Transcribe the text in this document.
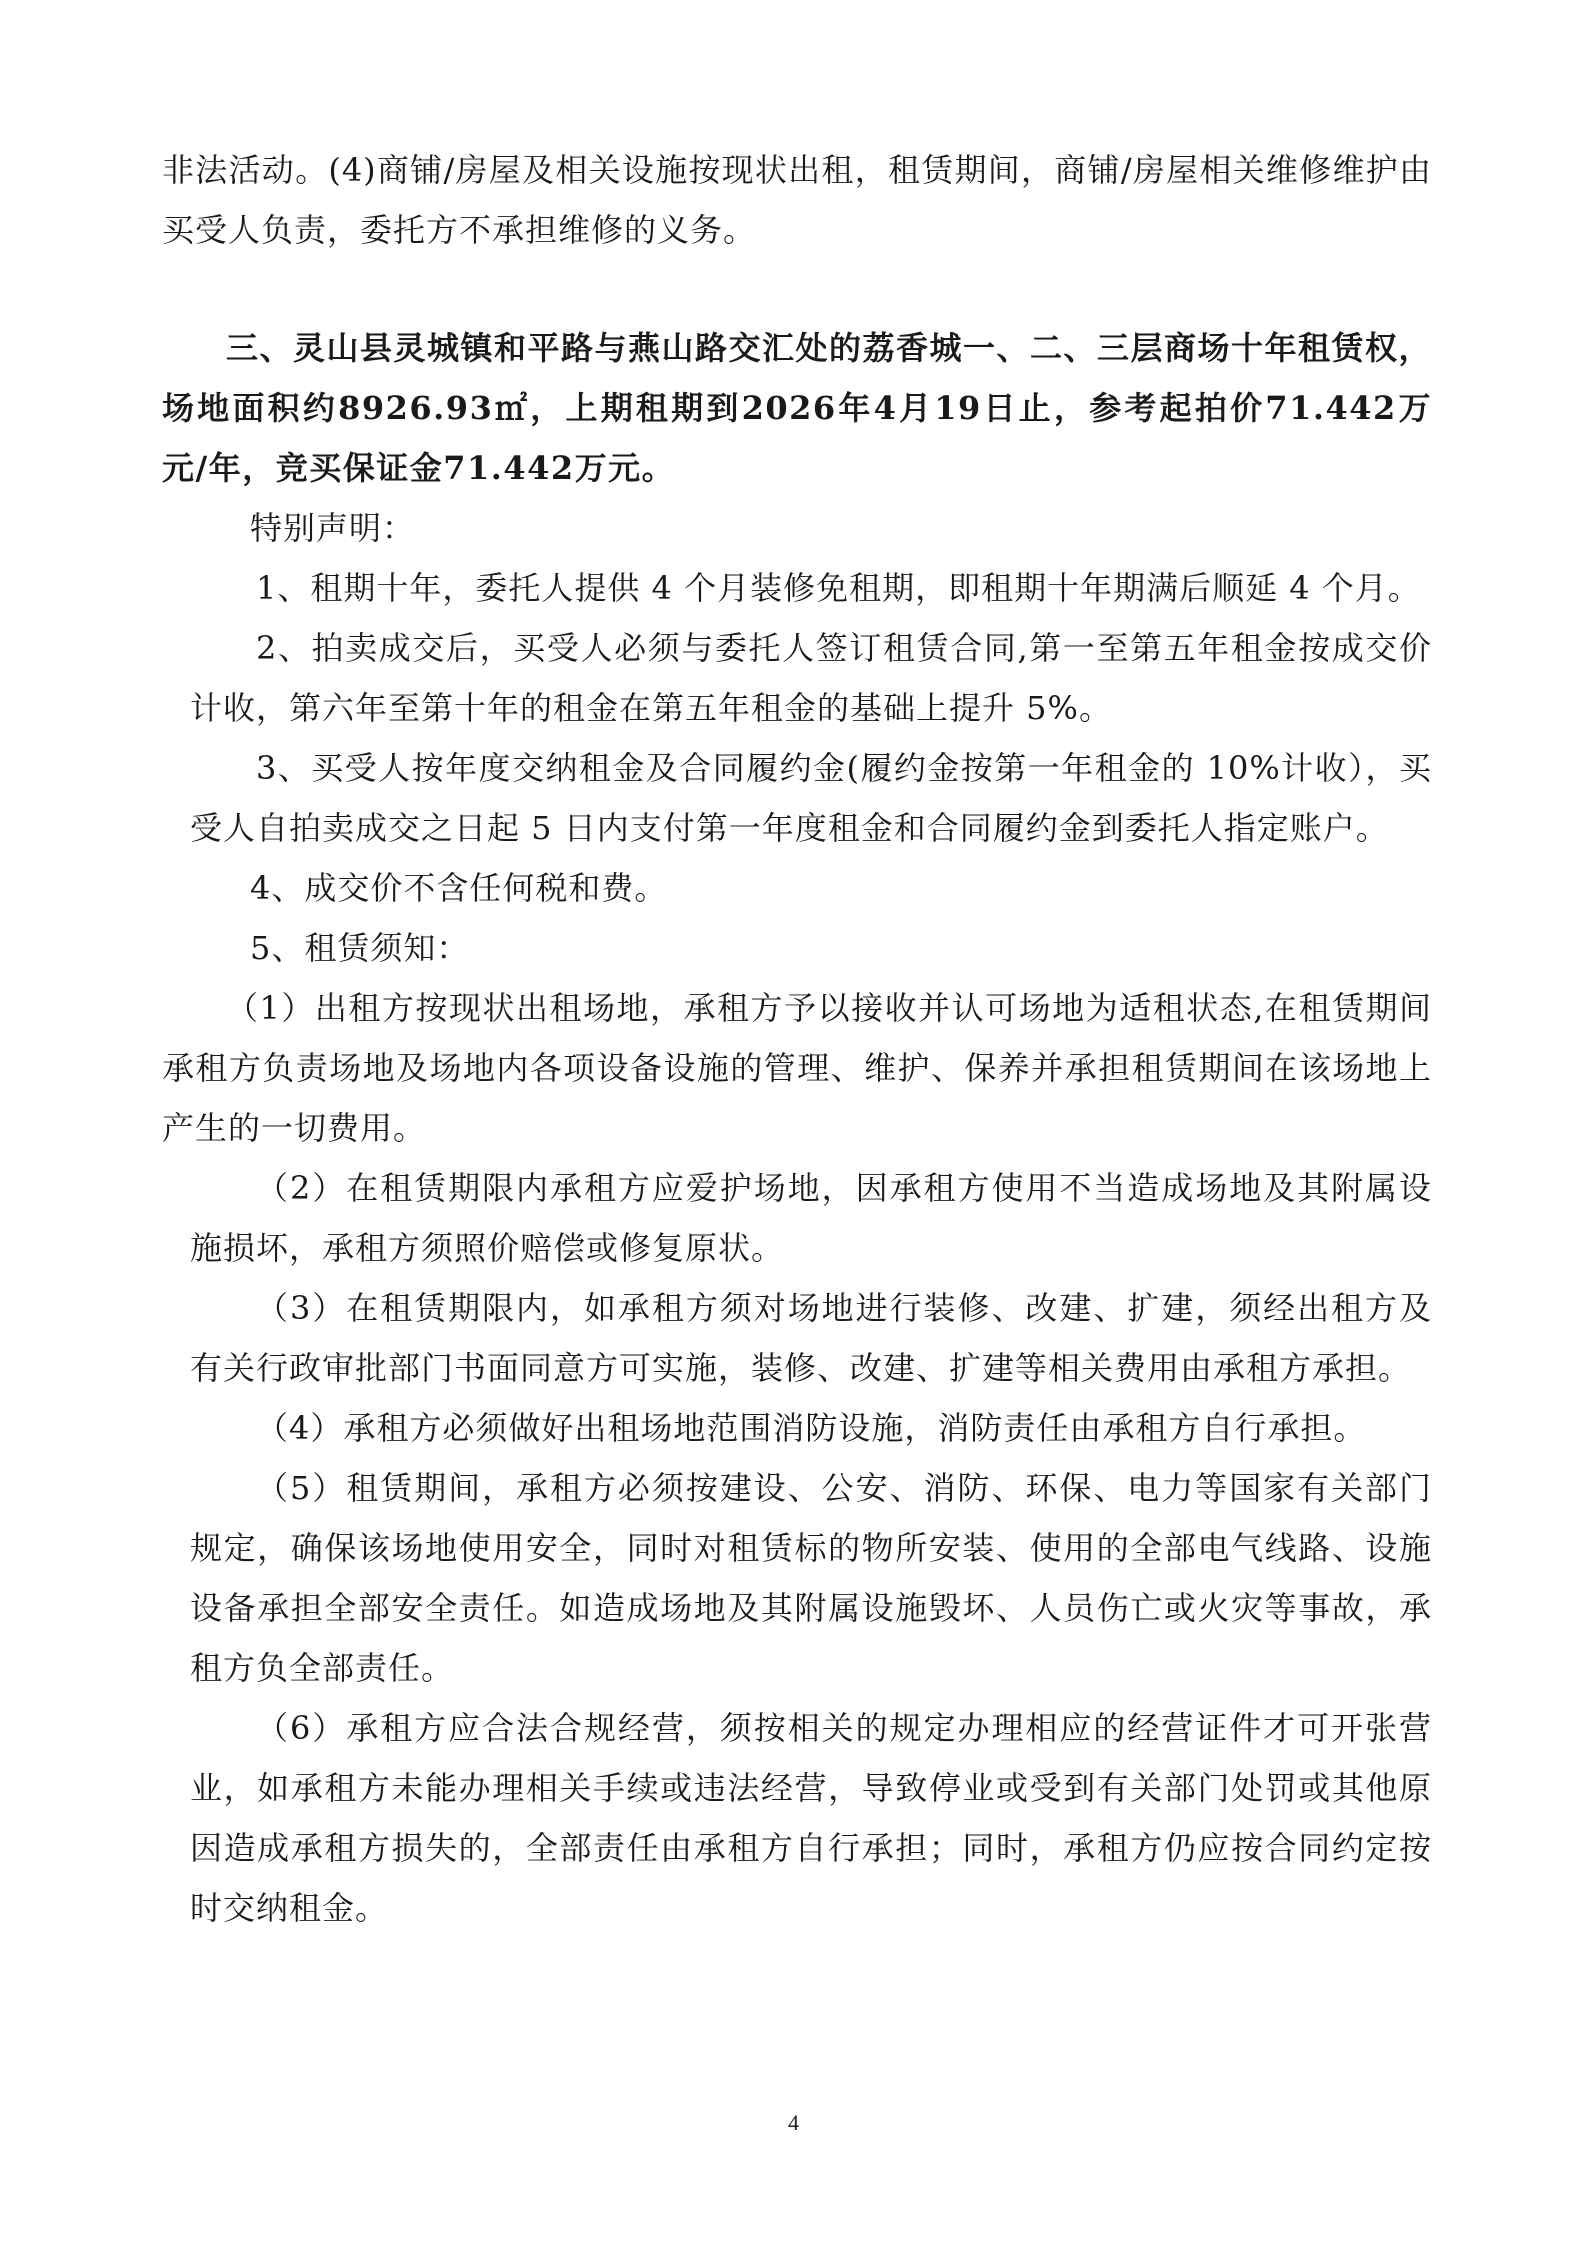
非法活动。(4)商铺/房屋及相关设施按现状出租，租赁期间，商铺/房屋相关维修维护由买受人负责，委托方不承担维修的义务。

三、灵山县灵城镇和平路与燕山路交汇处的荔香城一、二、三层商场十年租赁权，场地面积约8926.93㎡，上期租期到2026年4月19日止，参考起拍价71.442万元/年，竞买保证金71.442万元。

特别声明：

1、租期十年，委托人提供 4 个月装修免租期，即租期十年期满后顺延 4 个月。

2、拍卖成交后，买受人必须与委托人签订租赁合同,第一至第五年租金按成交价计收，第六年至第十年的租金在第五年租金的基础上提升 5%。

3、买受人按年度交纳租金及合同履约金(履约金按第一年租金的 10%计收），买受人自拍卖成交之日起 5 日内支付第一年度租金和合同履约金到委托人指定账户。

4、成交价不含任何税和费。

5、租赁须知：

（1）出租方按现状出租场地，承租方予以接收并认可场地为适租状态,在租赁期间承租方负责场地及场地内各项设备设施的管理、维护、保养并承担租赁期间在该场地上产生的一切费用。

（2）在租赁期限内承租方应爱护场地，因承租方使用不当造成场地及其附属设施损坏，承租方须照价赔偿或修复原状。

（3）在租赁期限内，如承租方须对场地进行装修、改建、扩建，须经出租方及有关行政审批部门书面同意方可实施，装修、改建、扩建等相关费用由承租方承担。

（4）承租方必须做好出租场地范围消防设施，消防责任由承租方自行承担。

（5）租赁期间，承租方必须按建设、公安、消防、环保、电力等国家有关部门规定，确保该场地使用安全，同时对租赁标的物所安装、使用的全部电气线路、设施设备承担全部安全责任。如造成场地及其附属设施毁坏、人员伤亡或火灾等事故，承租方负全部责任。

（6）承租方应合法合规经营，须按相关的规定办理相应的经营证件才可开张营业，如承租方未能办理相关手续或违法经营，导致停业或受到有关部门处罚或其他原因造成承租方损失的，全部责任由承租方自行承担；同时，承租方仍应按合同约定按时交纳租金。

4
